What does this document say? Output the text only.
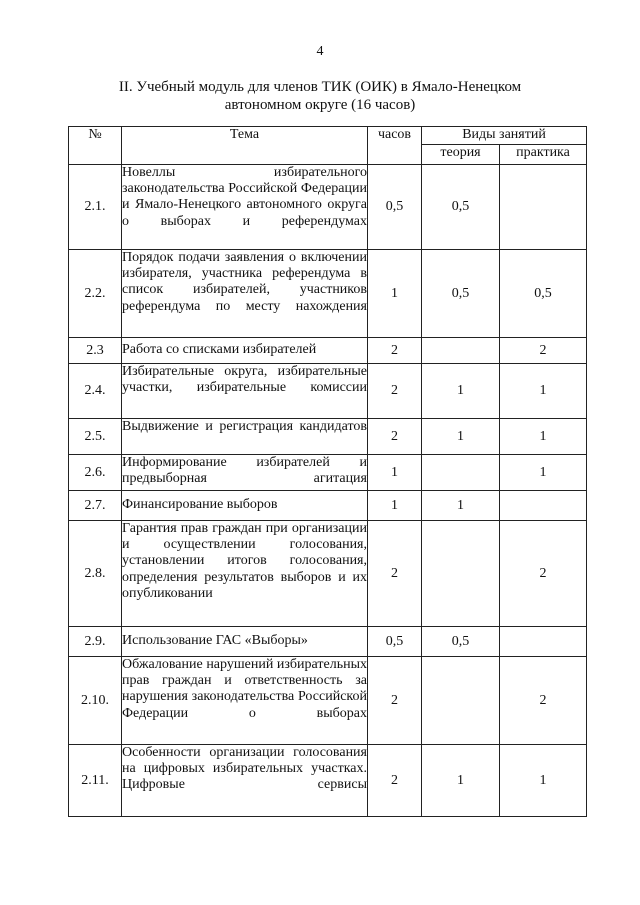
4
II. Учебный модуль для членов ТИК (ОИК) в Ямало-Ненецком
автономном округе (16 часов)
№	Тема	часов	Виды занятий	
			теория	практика
2.1.	Новеллы избирательного законодательства Российской Федерации и Ямало-Ненецкого автономного округа о выборах и референдумах	0,5	0,5	
2.2.	Порядок подачи заявления о включении избирателя, участника референдума в список избирателей, участников референдума по месту нахождения	1	0,5	0,5
2.3	Работа со списками избирателей	2		2
2.4.	Избирательные округа, избирательные участки, избирательные комиссии	2	1	1
2.5.	Выдвижение и регистрация кандидатов	2	1	1
2.6.	Информирование избирателей и предвыборная агитация	1		1
2.7.	Финансирование выборов	1	1	
2.8.	Гарантия прав граждан при организации и осуществлении голосования, установлении итогов голосования, определения результатов выборов и их опубликовании	2		2
2.9.	Использование ГАС «Выборы»	0,5	0,5	
2.10.	Обжалование нарушений избирательных прав граждан и ответственность за нарушения законодательства Российской Федерации о выборах	2		2
2.11.	Особенности организации голосования на цифровых избирательных участках. Цифровые сервисы	2	1	1
